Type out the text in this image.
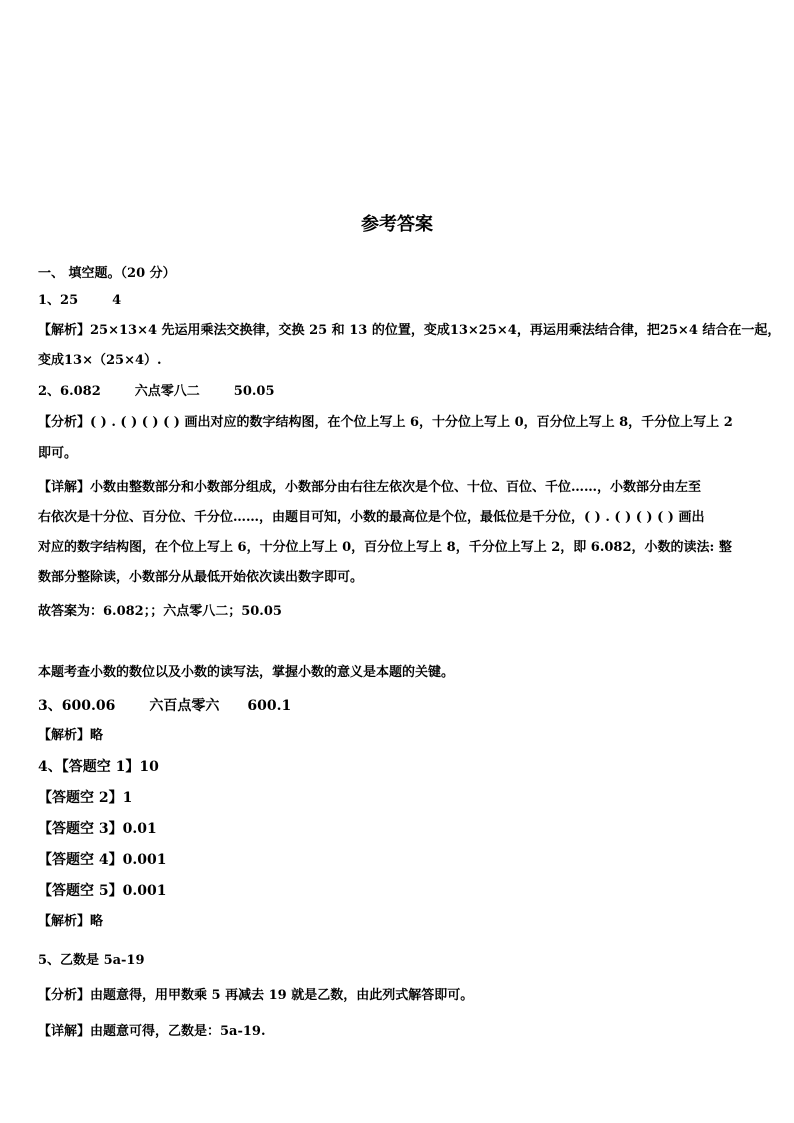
参考答案
一、 填空题。（20 分）
1、25	4
【解析】25×13×4 先运用乘法交换律，交换 25 和 13 的位置，变成13×25×4，再运用乘法结合律，把25×4 结合在一起，
变成13×（25×4）.
2、6.082	六点零八二	50.05
【分析】( ) . ( ) ( ) ( ) 画出对应的数字结构图，在个位上写上 6，十分位上写上 0，百分位上写上 8，千分位上写上 2
即可。
【详解】小数由整数部分和小数部分组成，小数部分由右往左依次是个位、十位、百位、千位……，小数部分由左至
右依次是十分位、百分位、千分位……，由题目可知，小数的最高位是个位，最低位是千分位，( ) . ( ) ( ) ( ) 画出
对应的数字结构图，在个位上写上 6，十分位上写上 0，百分位上写上 8，千分位上写上 2，即 6.082，小数的读法: 整
数部分整除读，小数部分从最低开始依次读出数字即可。
故答案为：6.082；；六点零八二；50.05
本题考查小数的数位以及小数的读写法，掌握小数的意义是本题的关键。
3、600.06 六百点零六 600.1
【解析】略
4、【答题空 1】10
【答题空 2】1
【答题空 3】0.01
【答题空 4】0.001
【答题空 5】0.001
【解析】略
5、乙数是 5a-19
【分析】由题意得，用甲数乘 5 再减去 19 就是乙数，由此列式解答即可。
【详解】由题意可得，乙数是：5a-19.
